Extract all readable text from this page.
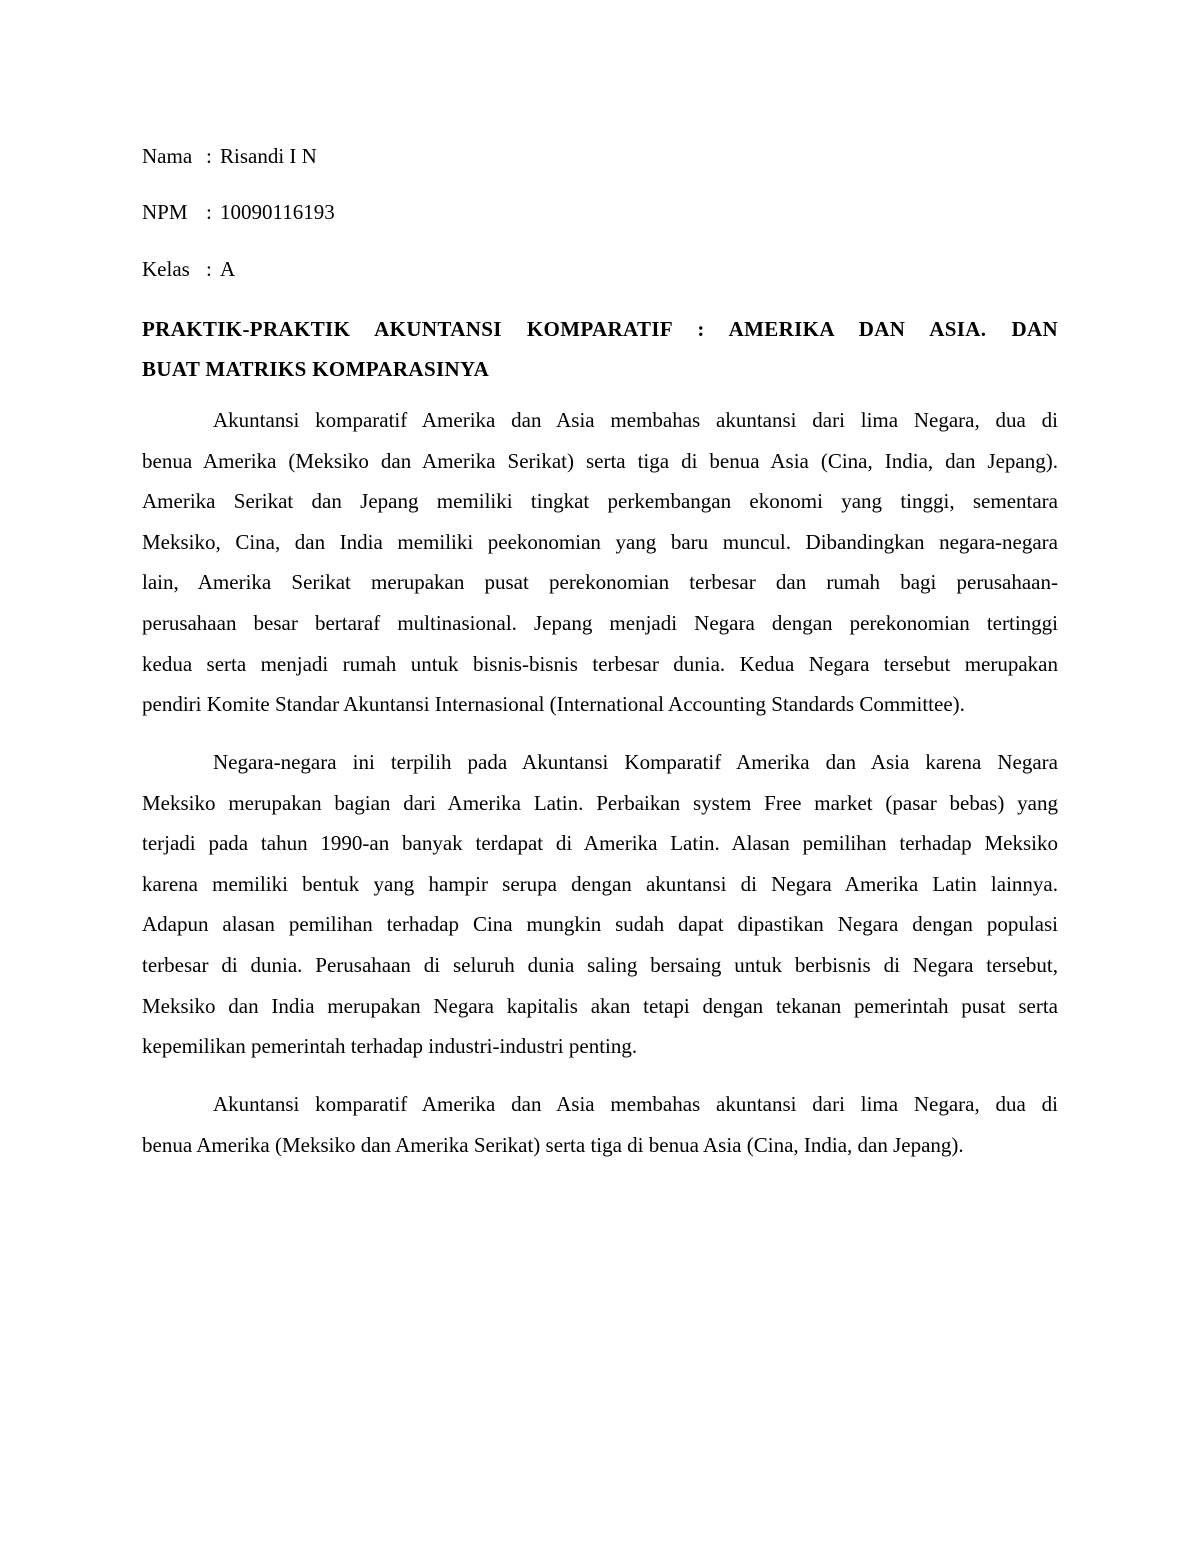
Nama : Risandi I N
NPM : 10090116193
Kelas : A
PRAKTIK-PRAKTIK AKUNTANSI KOMPARATIF : AMERIKA DAN ASIA. DAN
BUAT MATRIKS KOMPARASINYA
Akuntansi komparatif Amerika dan Asia membahas akuntansi dari lima Negara, dua di
benua Amerika (Meksiko dan Amerika Serikat) serta tiga di benua Asia (Cina, India, dan Jepang).
Amerika Serikat dan Jepang memiliki tingkat perkembangan ekonomi yang tinggi, sementara
Meksiko, Cina, dan India memiliki peekonomian yang baru muncul. Dibandingkan negara-negara
lain, Amerika Serikat merupakan pusat perekonomian terbesar dan rumah bagi perusahaan-
perusahaan besar bertaraf multinasional. Jepang menjadi Negara dengan perekonomian tertinggi
kedua serta menjadi rumah untuk bisnis-bisnis terbesar dunia. Kedua Negara tersebut merupakan
pendiri Komite Standar Akuntansi Internasional (International Accounting Standards Committee).
Negara-negara ini terpilih pada Akuntansi Komparatif Amerika dan Asia karena Negara
Meksiko merupakan bagian dari Amerika Latin. Perbaikan system Free market (pasar bebas) yang
terjadi pada tahun 1990-an banyak terdapat di Amerika Latin. Alasan pemilihan terhadap Meksiko
karena memiliki bentuk yang hampir serupa dengan akuntansi di Negara Amerika Latin lainnya.
Adapun alasan pemilihan terhadap Cina mungkin sudah dapat dipastikan Negara dengan populasi
terbesar di dunia. Perusahaan di seluruh dunia saling bersaing untuk berbisnis di Negara tersebut,
Meksiko dan India merupakan Negara kapitalis akan tetapi dengan tekanan pemerintah pusat serta
kepemilikan pemerintah terhadap industri-industri penting.
Akuntansi komparatif Amerika dan Asia membahas akuntansi dari lima Negara, dua di
benua Amerika (Meksiko dan Amerika Serikat) serta tiga di benua Asia (Cina, India, dan Jepang).
